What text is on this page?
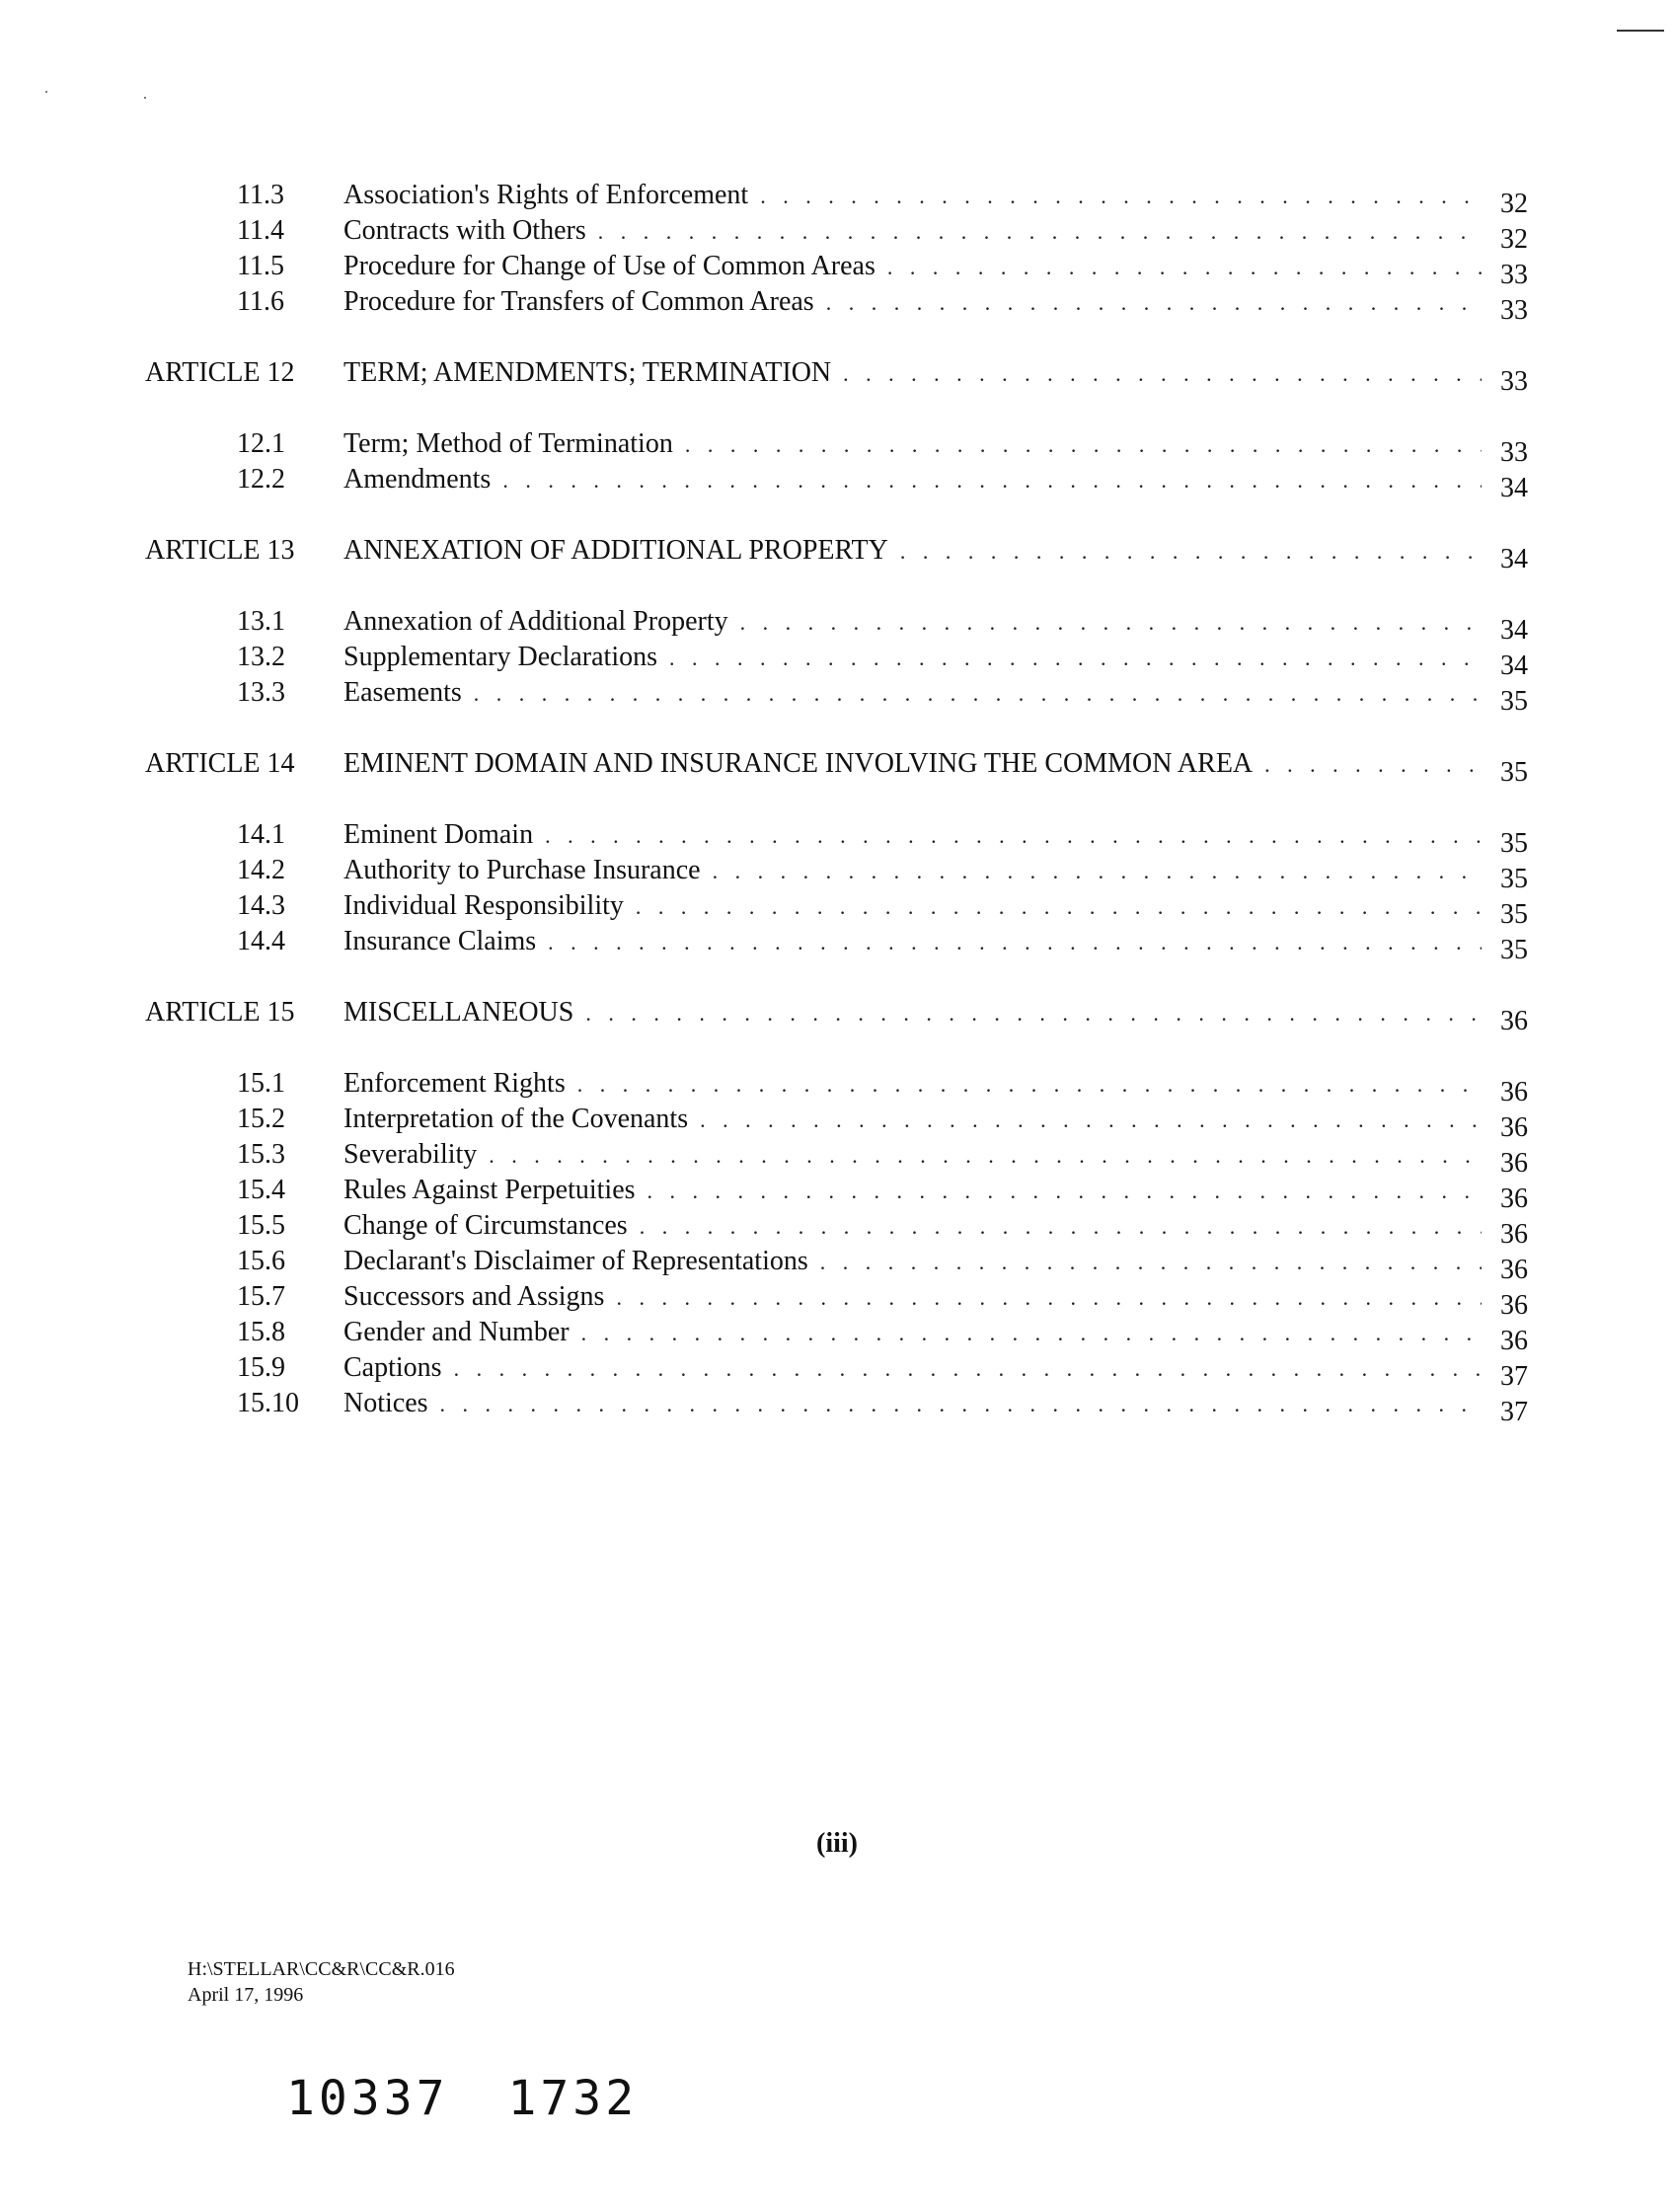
11.3 Association's Rights of Enforcement . . .	32
11.4 Contracts with Others . . .	32
11.5 Procedure for Change of Use of Common Areas . . .	33
11.6 Procedure for Transfers of Common Areas . . .	33
ARTICLE 12 TERM; AMENDMENTS; TERMINATION . . .	33
12.1 Term; Method of Termination . . .	33
12.2 Amendments . . .	34
ARTICLE 13 ANNEXATION OF ADDITIONAL PROPERTY . . .	34
13.1 Annexation of Additional Property . . .	34
13.2 Supplementary Declarations . . .	34
13.3 Easements . . .	35
ARTICLE 14 EMINENT DOMAIN AND INSURANCE INVOLVING THE COMMON AREA . . .	35
14.1 Eminent Domain . . .	35
14.2 Authority to Purchase Insurance . . .	35
14.3 Individual Responsibility . . .	35
14.4 Insurance Claims . . .	35
ARTICLE 15 MISCELLANEOUS . . .	36
15.1 Enforcement Rights . . .	36
15.2 Interpretation of the Covenants . . .	36
15.3 Severability . . .	36
15.4 Rules Against Perpetuities . . .	36
15.5 Change of Circumstances . . .	36
15.6 Declarant's Disclaimer of Representations . . .	36
15.7 Successors and Assigns . . .	36
15.8 Gender and Number . . .	36
15.9 Captions . . .	37
15.10 Notices . . .	37
(iii)
H:\STELLAR\CC&R\CC&R.016
April 17, 1996
10337 1732
